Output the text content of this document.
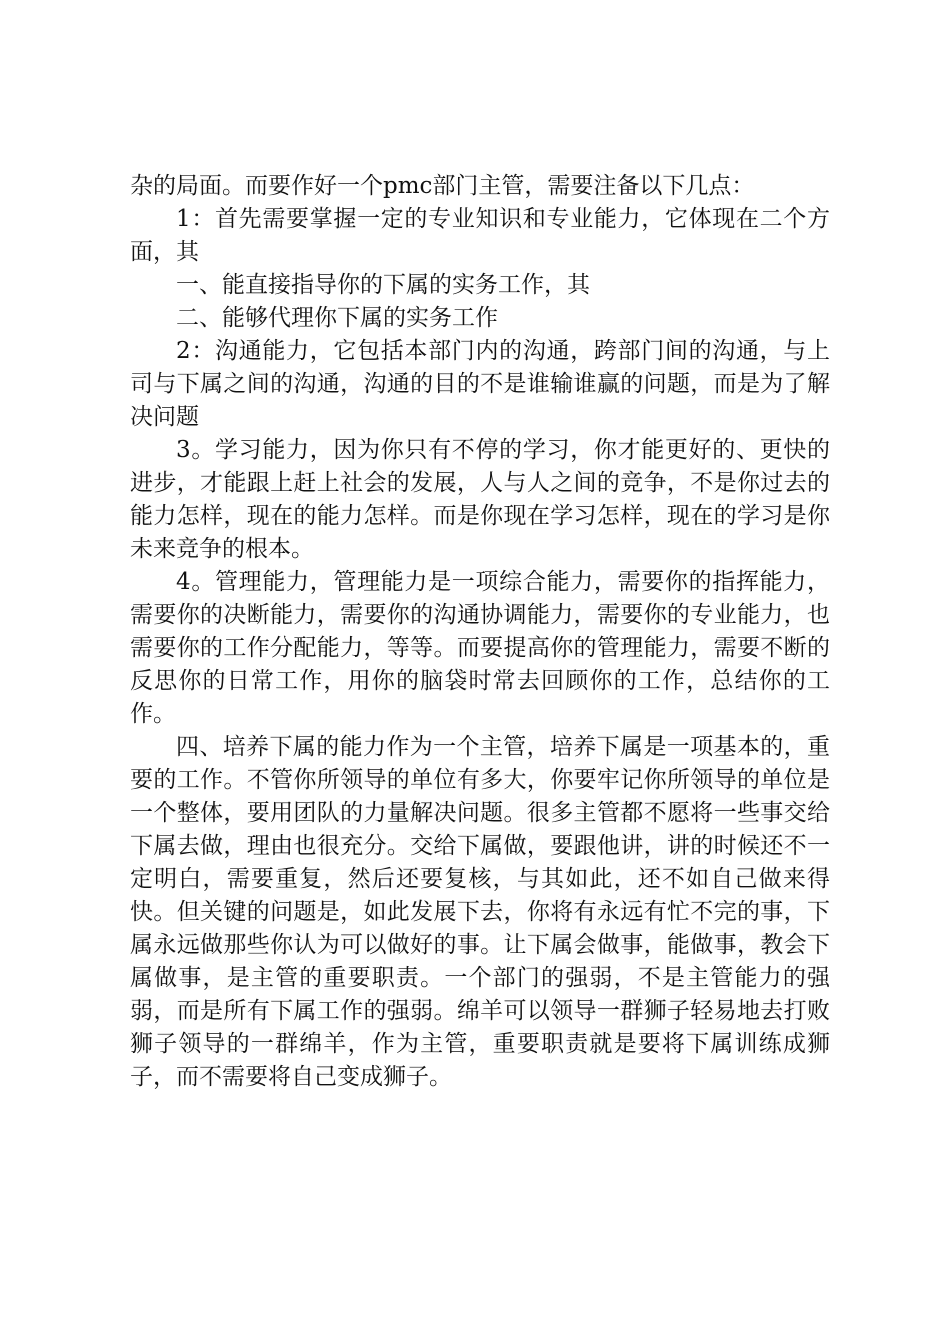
杂的局面。而要作好一个pmc部门主管，需要注备以下几点：

1：首先需要掌握一定的专业知识和专业能力，它体现在二个方面，其

一、能直接指导你的下属的实务工作，其

二、能够代理你下属的实务工作

2：沟通能力，它包括本部门内的沟通，跨部门间的沟通，与上司与下属之间的沟通，沟通的目的不是谁输谁赢的问题，而是为了解决问题

3。学习能力，因为你只有不停的学习，你才能更好的、更快的进步，才能跟上赶上社会的发展，人与人之间的竞争，不是你过去的能力怎样，现在的能力怎样。而是你现在学习怎样，现在的学习是你未来竞争的根本。

4。管理能力，管理能力是一项综合能力，需要你的指挥能力，需要你的决断能力，需要你的沟通协调能力，需要你的专业能力，也需要你的工作分配能力，等等。而要提高你的管理能力，需要不断的反思你的日常工作，用你的脑袋时常去回顾你的工作，总结你的工作。

四、培养下属的能力作为一个主管，培养下属是一项基本的，重要的工作。不管你所领导的单位有多大，你要牢记你所领导的单位是一个整体，要用团队的力量解决问题。很多主管都不愿将一些事交给下属去做，理由也很充分。交给下属做，要跟他讲，讲的时候还不一定明白，需要重复，然后还要复核，与其如此，还不如自己做来得快。但关键的问题是，如此发展下去，你将有永远有忙不完的事，下属永远做那些你认为可以做好的事。让下属会做事，能做事，教会下属做事，是主管的重要职责。一个部门的强弱，不是主管能力的强弱，而是所有下属工作的强弱。绵羊可以领导一群狮子轻易地去打败狮子领导的一群绵羊，作为主管，重要职责就是要将下属训练成狮子，而不需要将自己变成狮子。
